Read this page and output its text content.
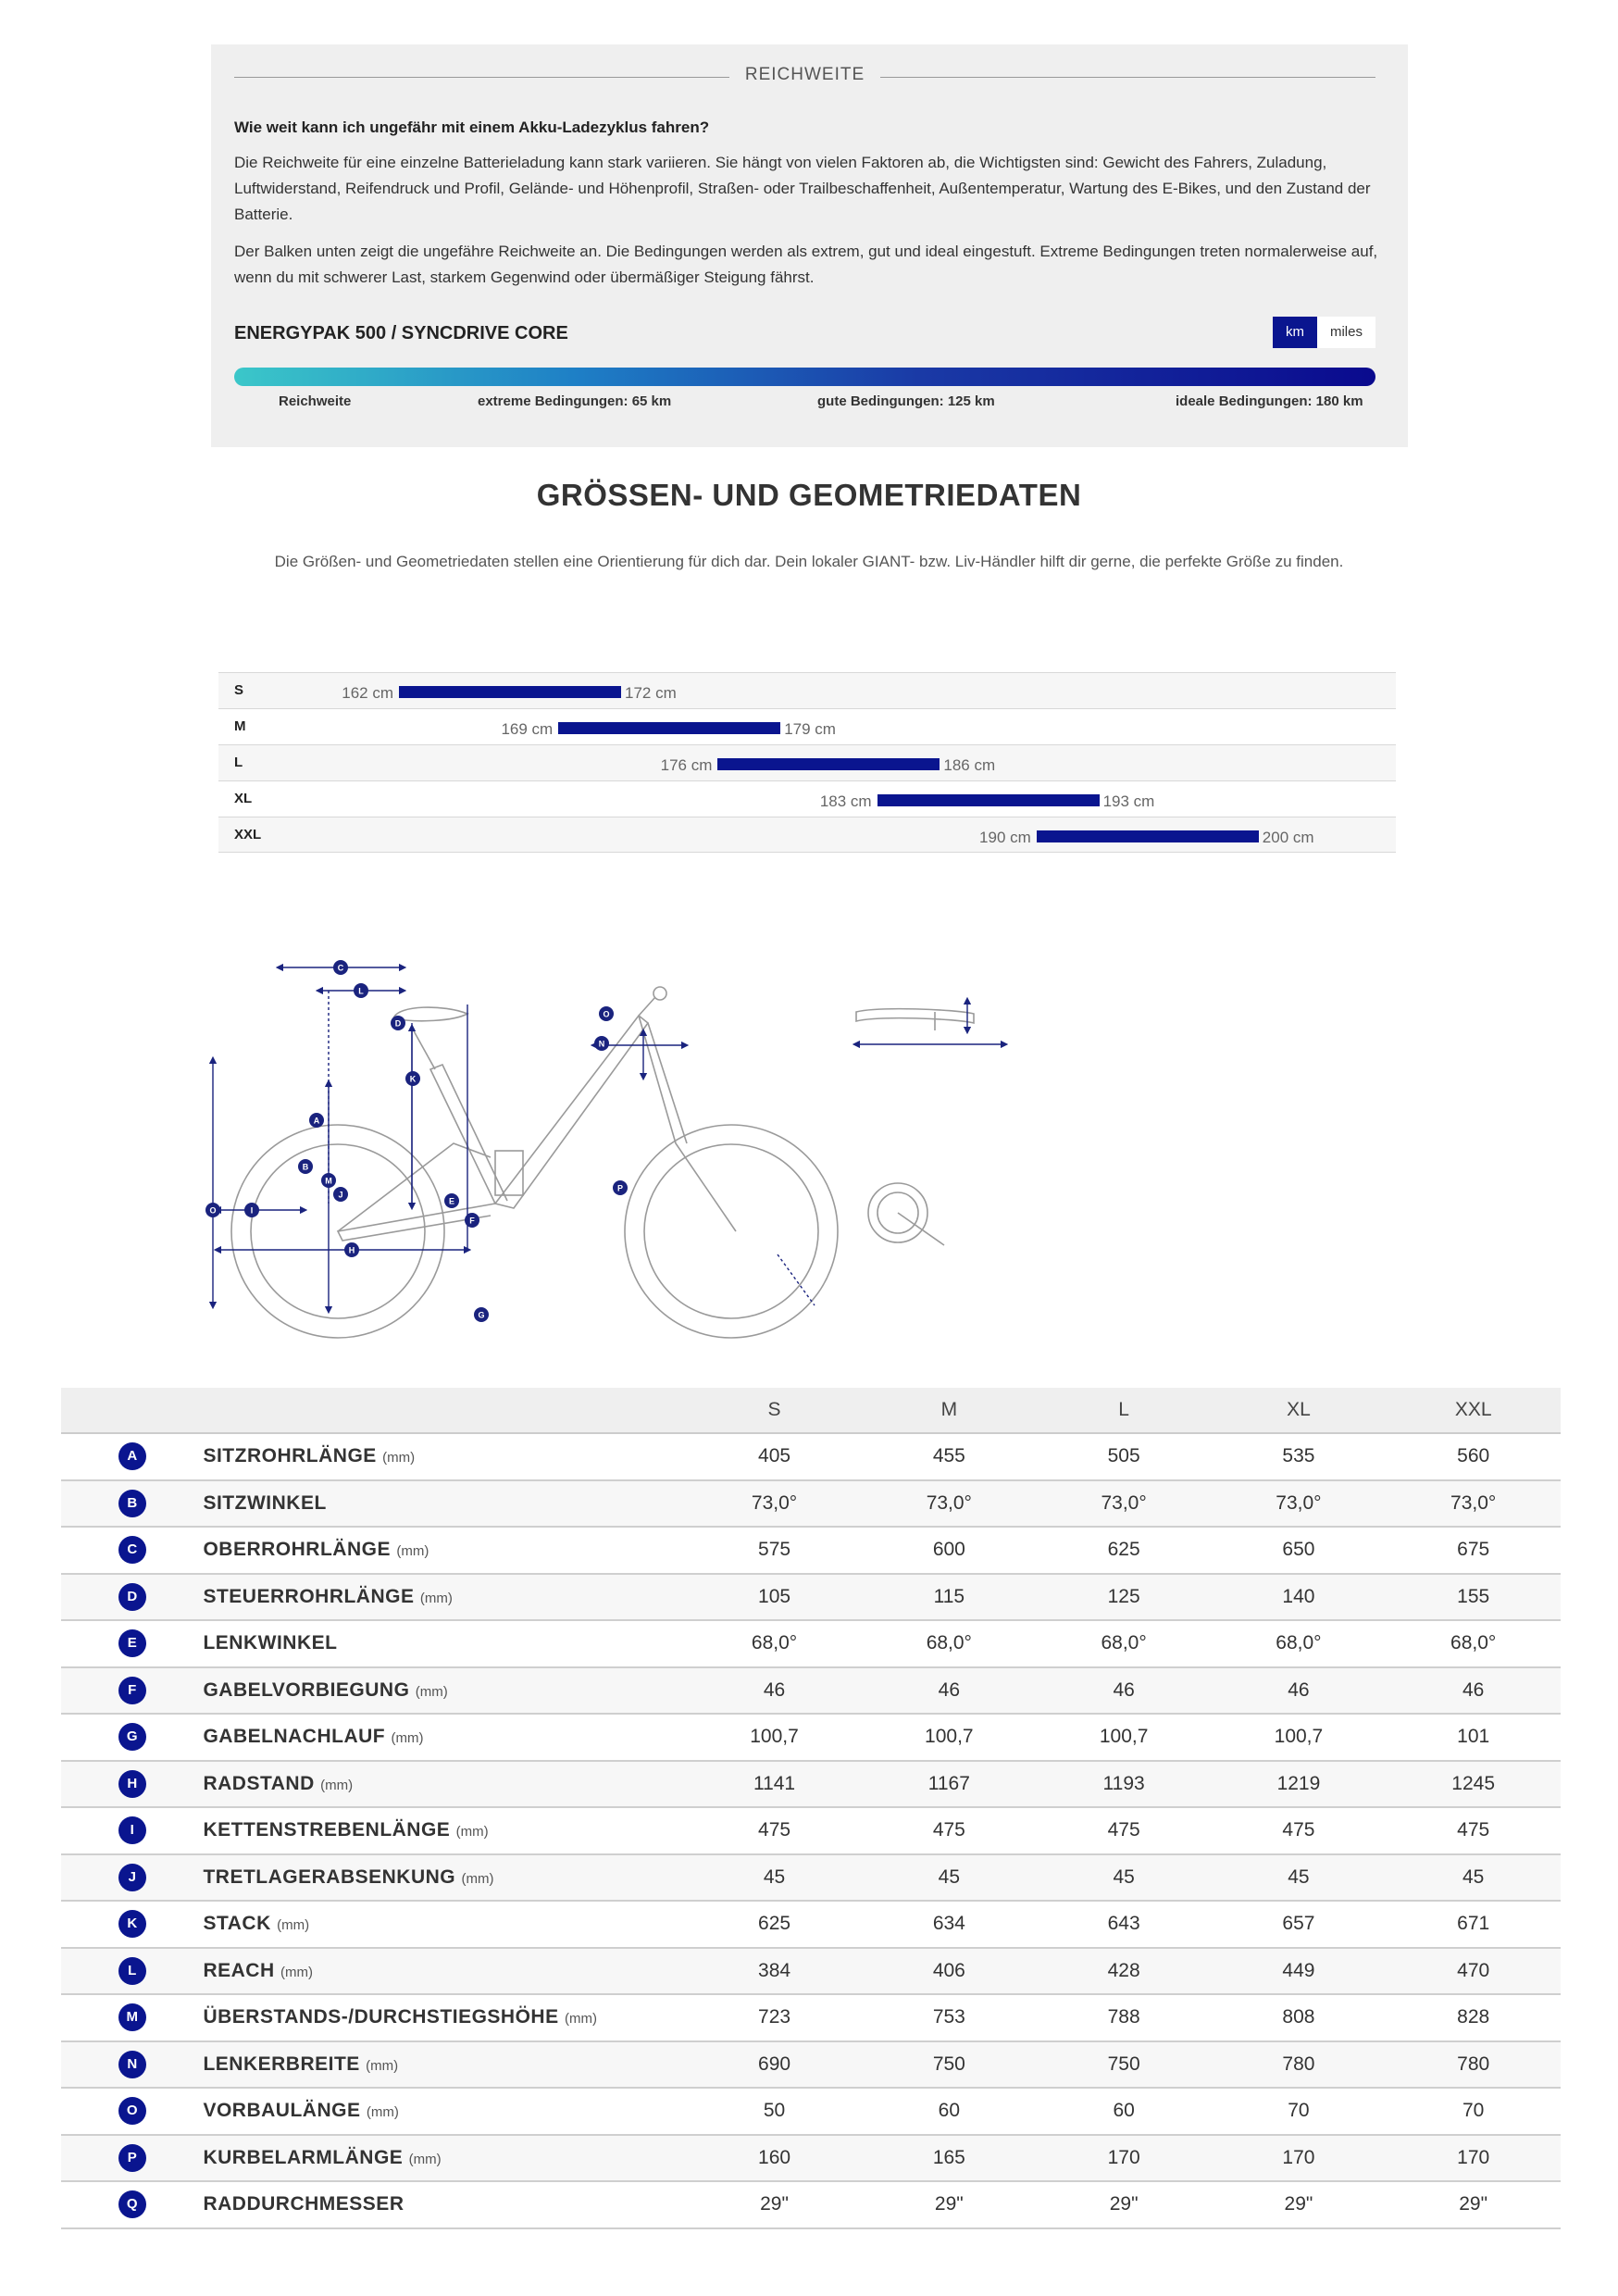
REICHWEITE
Wie weit kann ich ungefähr mit einem Akku-Ladezyklus fahren?
Die Reichweite für eine einzelne Batterieladung kann stark variieren. Sie hängt von vielen Faktoren ab, die Wichtigsten sind: Gewicht des Fahrers, Zuladung, Luftwiderstand, Reifendruck und Profil, Gelände- und Höhenprofil, Straßen- oder Trailbeschaffenheit, Außentemperatur, Wartung des E-Bikes, und den Zustand der Batterie.
Der Balken unten zeigt die ungefähre Reichweite an. Die Bedingungen werden als extrem, gut und ideal eingestuft. Extreme Bedingungen treten normalerweise auf, wenn du mit schwerer Last, starkem Gegenwind oder übermäßiger Steigung fährst.
ENERGYPAK 500 / SYNCDRIVE CORE	km	miles
Reichweite	extreme Bedingungen: 65 km	gute Bedingungen: 125 km	ideale Bedingungen: 180 km
GRÖSSEN- UND GEOMETRIEDATEN
Die Größen- und Geometriedaten stellen eine Orientierung für dich dar. Dein lokaler GIANT- bzw. Liv-Händler hilft dir gerne, die perfekte Größe zu finden.
S	162 cm	172 cm
M	169 cm	179 cm
L	176 cm	186 cm
XL	183 cm	193 cm
XXL	190 cm	200 cm
C
L
K
D
A
B
M
J
O	I
H
E
F
G
O
N
P
		S	M	L	XL	XXL
A	SITZROHRLÄNGE (mm)	405	455	505	535	560
B	SITZWINKEL	73,0°	73,0°	73,0°	73,0°	73,0°
C	OBERROHRLÄNGE (mm)	575	600	625	650	675
D	STEUERROHRLÄNGE (mm)	105	115	125	140	155
E	LENKWINKEL	68,0°	68,0°	68,0°	68,0°	68,0°
F	GABELVORBIEGUNG (mm)	46	46	46	46	46
G	GABELNACHLAUF (mm)	100,7	100,7	100,7	100,7	101
H	RADSTAND (mm)	1141	1167	1193	1219	1245
I	KETTENSTREBENLÄNGE (mm)	475	475	475	475	475
J	TRETLAGERABSENKUNG (mm)	45	45	45	45	45
K	STACK (mm)	625	634	643	657	671
L	REACH (mm)	384	406	428	449	470
M	ÜBERSTANDS-/DURCHSTIEGSHÖHE (mm)	723	753	788	808	828
N	LENKERBREITE (mm)	690	750	750	780	780
O	VORBAULÄNGE (mm)	50	60	60	70	70
P	KURBELARMLÄNGE (mm)	160	165	170	170	170
Q	RADDURCHMESSER	29"	29"	29"	29"	29"
